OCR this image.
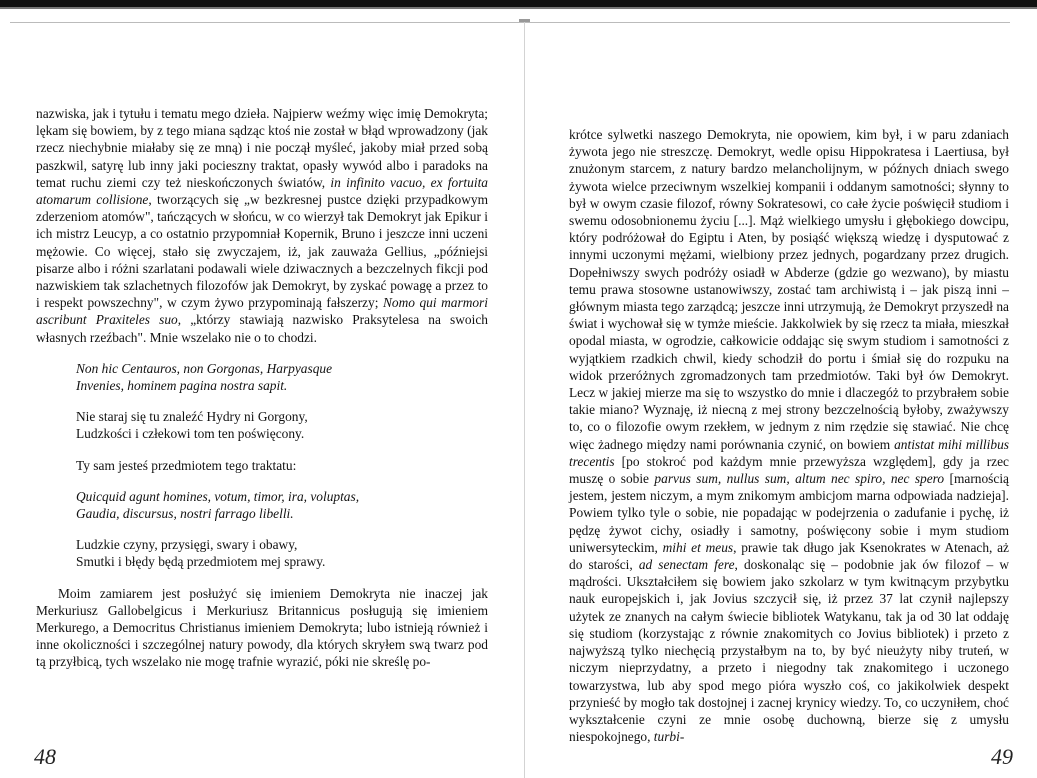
nazwiska, jak i tytułu i tematu mego dzieła. Najpierw weźmy więc imię Demokryta; lękam się bowiem, by z tego miana sądząc ktoś nie został w błąd wprowadzony (jak rzecz niechybnie miałaby się ze mną) i nie począł myśleć, jakoby miał przed sobą paszkwil, satyrę lub inny jaki pocieszny traktat, opasły wywód albo i paradoks na temat ruchu ziemi czy też nieskończonych światów, in infinito vacuo, ex fortuita atomarum collisione, tworzących się „w bezkresnej pustce dzięki przypadkowym zderzeniom atomów", tańczących w słońcu, w co wierzył tak Demokryt jak Epikur i ich mistrz Leucyp, a co ostatnio przypomniał Kopernik, Bruno i jeszcze inni uczeni mężowie. Co więcej, stało się zwyczajem, iż, jak zauważa Gellius, „późniejsi pisarze albo i różni szarlatani podawali wiele dziwacznych a bezczelnych fikcji pod nazwiskiem tak szlachetnych filozofów jak Demokryt, by zyskać powagę a przez to i respekt powszechny", w czym żywo przypominają fałszerzy; Nomo qui marmori ascribunt Praxiteles suo, „którzy stawiają nazwisko Praksytelesa na swoich własnych rzeźbach". Mnie wszelako nie o to chodzi.

Non hic Centauros, non Gorgonas, Harpyasque
Invenies, hominem pagina nostra sapit.
Nie staraj się tu znaleźć Hydry ni Gorgony,
Ludzkości i człekowi tom ten poświęcony.
Ty sam jesteś przedmiotem tego traktatu:
Quicquid agunt homines, votum, timor, ira, voluptas,
Gaudia, discursus, nostri farrago libelli.
Ludzkie czyny, przysięgi, swary i obawy,
Smutki i błędy będą przedmiotem mej sprawy.

Moim zamiarem jest posłużyć się imieniem Demokryta nie inaczej jak Merkuriusz Gallobelgicus i Merkuriusz Britannicus posługują się imieniem Merkurego, a Democritus Christianus imieniem Demokryta; lubo istnieją również i inne okoliczności i szczególnej natury powody, dla których skryłem swą twarz pod tą przyłbicą, tych wszelako nie mogę trafnie wyrazić, póki nie skreślę po-

48

krótce sylwetki naszego Demokryta, nie opowiem, kim był, i w paru zdaniach żywota jego nie streszczę. Demokryt, wedle opisu Hippokratesa i Laertiusa, był znużonym starcem, z natury bardzo melancholijnym, w późnych dniach swego żywota wielce przeciwnym wszelkiej kompanii i oddanym samotności; słynny to był w owym czasie filozof, równy Sokratesowi, co całe życie poświęcił studiom i swemu odosobnionemu życiu [...]. Mąż wielkiego umysłu i głębokiego dowcipu, który podróżował do Egiptu i Aten, by posiąść większą wiedzę i dysputować z innymi uczonymi mężami, wielbiony przez jednych, pogardzany przez drugich. Dopełniwszy swych podróży osiadł w Abderze (gdzie go wezwano), by miastu temu prawa stosowne ustanowiwszy, zostać tam archiwistą i – jak piszą inni – głównym miasta tego zarządcą; jeszcze inni utrzymują, że Demokryt przyszedł na świat i wychował się w tymże mieście. Jakkolwiek by się rzecz ta miała, mieszkał opodal miasta, w ogrodzie, całkowicie oddając się swym studiom i samotności z wyjątkiem rzadkich chwil, kiedy schodził do portu i śmiał się do rozpuku na widok przeróżnych zgromadzonych tam przedmiotów. Taki był ów Demokryt. Lecz w jakiej mierze ma się to wszystko do mnie i dlaczegóż to przybrałem sobie takie miano? Wyznaję, iż niecną z mej strony bezczelnością byłoby, zważywszy to, co o filozofie owym rzekłem, w jednym z nim rzędzie się stawiać. Nie chcę więc żadnego między nami porównania czynić, on bowiem antistat mihi millibus trecentis [po stokroć pod każdym mnie przewyższa względem], gdy ja rzec muszę o sobie parvus sum, nullus sum, altum nec spiro, nec spero [marnością jestem, jestem niczym, a mym znikomym ambicjom marna odpowiada nadzieja]. Powiem tylko tyle o sobie, nie popadając w podejrzenia o zadufanie i pychę, iż pędzę żywot cichy, osiadły i samotny, poświęcony sobie i mym studiom uniwersyteckim, mihi et meus, prawie tak długo jak Ksenokrates w Atenach, aż do starości, ad senectam fere, doskonaląc się – podobnie jak ów filozof – w mądrości. Ukształciłem się bowiem jako szkolarz w tym kwitnącym przybytku nauk europejskich i, jak Jovius szczycił się, iż przez 37 lat czynił najlepszy użytek ze znanych na całym świecie bibliotek Watykanu, tak ja od 30 lat oddaję się studiom (korzystając z równie znakomitych co Jovius bibliotek) i przeto z najwyższą tylko niechęcią przystałbym na to, by być nieużyty niby truteń, w niczym nieprzydatny, a przeto i niegodny tak znakomitego i uczonego towarzystwa, lub aby spod mego pióra wyszło coś, co jakikolwiek despekt przynieść by mogło tak dostojnej i zacnej krynicy wiedzy. To, co uczyniłem, choć wykształcenie czyni ze mnie osobę duchowną, bierze się z umysłu niespokojnego, turbi-

49
